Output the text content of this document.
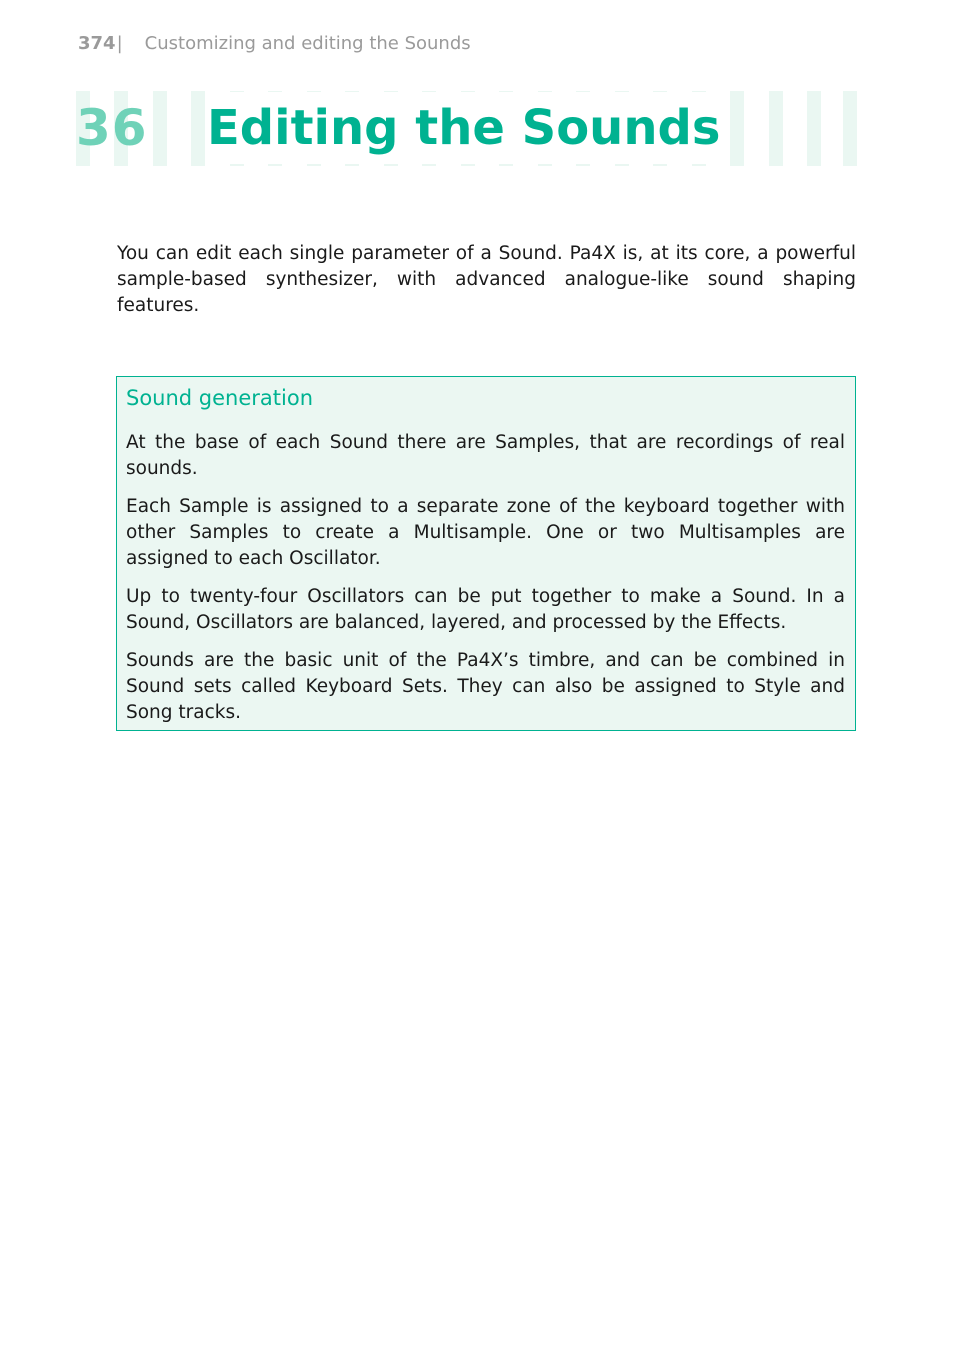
374| Customizing and editing the Sounds
36 Editing the Sounds

You can edit each single parameter of a Sound. Pa4X is, at its core, a powerful sample-based synthesizer, with advanced analogue-like sound shaping features.

Sound generation

At the base of each Sound there are Samples, that are recordings of real sounds.

Each Sample is assigned to a separate zone of the keyboard together with other Samples to create a Multisample. One or two Multisamples are assigned to each Oscillator.

Up to twenty-four Oscillators can be put together to make a Sound. In a Sound, Oscillators are balanced, layered, and processed by the Effects.

Sounds are the basic unit of the Pa4X’s timbre, and can be combined in Sound sets called Keyboard Sets. They can also be assigned to Style and Song tracks.
